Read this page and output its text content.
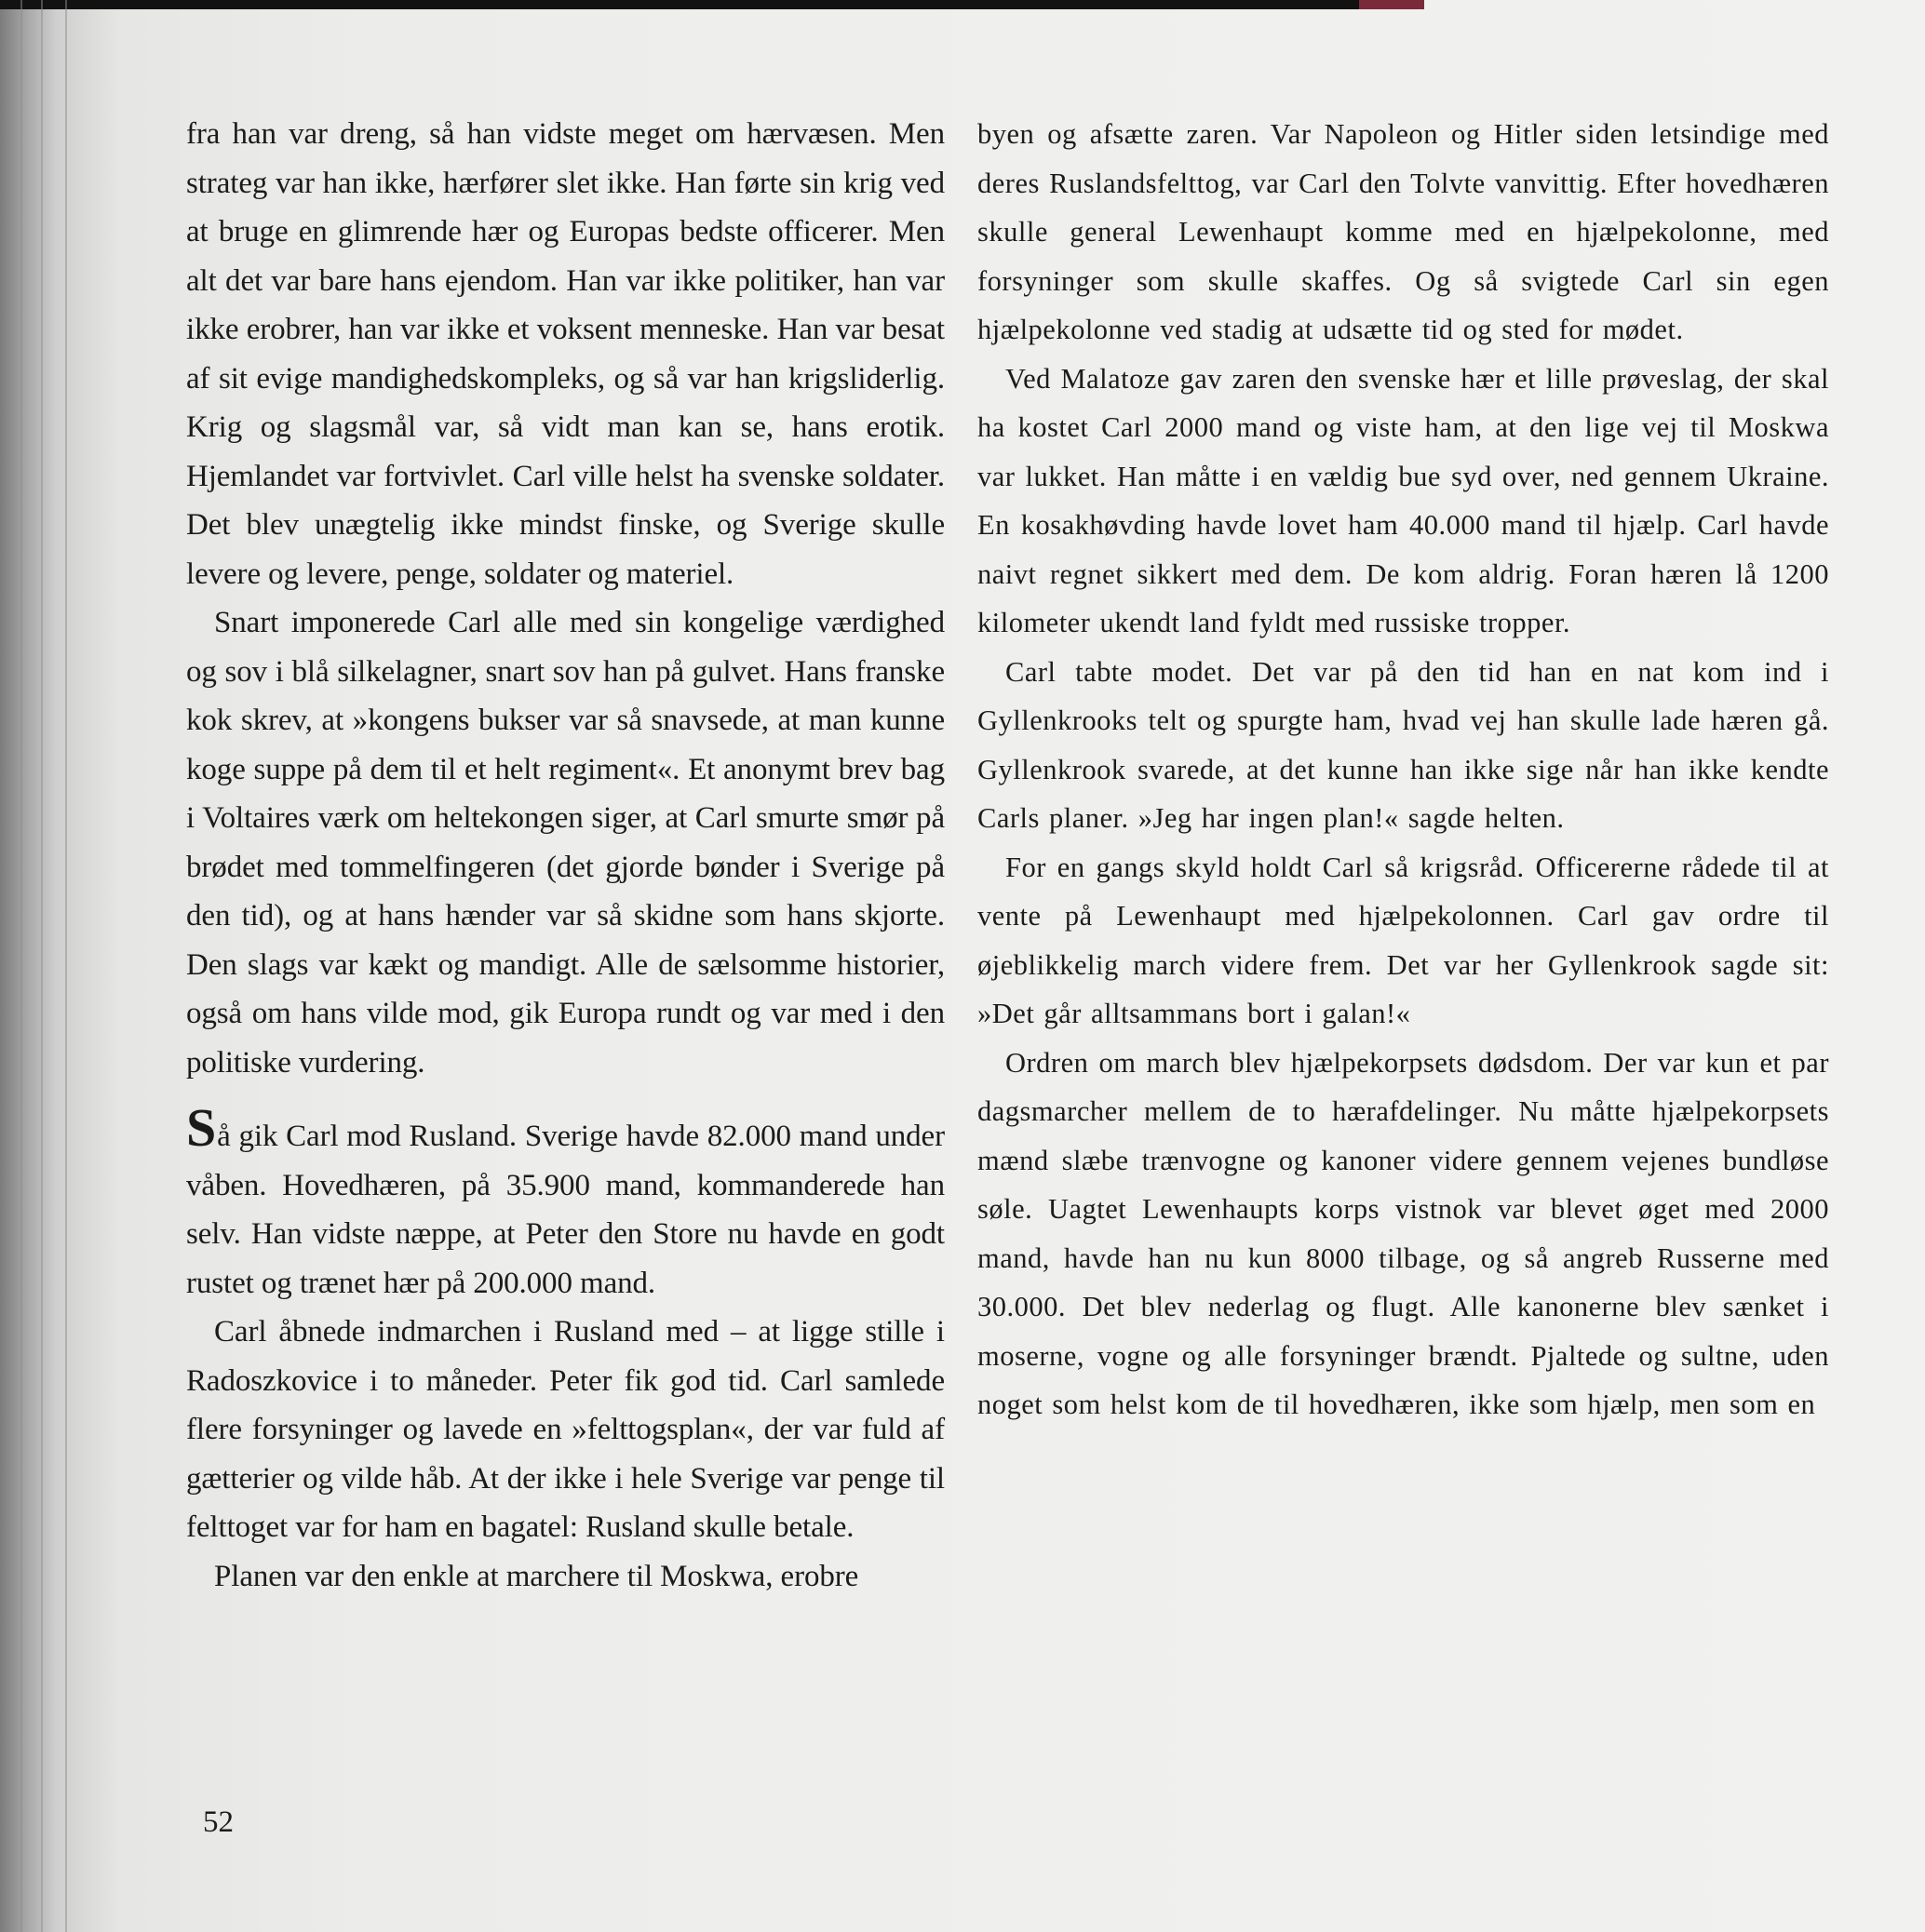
fra han var dreng, så han vidste meget om hærvæsen. Men strateg var han ikke, hærfører slet ikke. Han førte sin krig ved at bruge en glimrende hær og Europas bedste officerer. Men alt det var bare hans ejendom. Han var ikke politiker, han var ikke erobrer, han var ikke et voksent menneske. Han var besat af sit evige mandighedskompleks, og så var han krigsliderlig. Krig og slagsmål var, så vidt man kan se, hans erotik. Hjemlandet var fortvivlet. Carl ville helst ha svenske soldater. Det blev unægtelig ikke mindst finske, og Sverige skulle levere og levere, penge, soldater og materiel.

Snart imponerede Carl alle med sin kongelige værdighed og sov i blå silkelagner, snart sov han på gulvet. Hans franske kok skrev, at »kongens bukser var så snavsede, at man kunne koge suppe på dem til et helt regiment«. Et anonymt brev bag i Voltaires værk om heltekongen siger, at Carl smurte smør på brødet med tommelfingeren (det gjorde bønder i Sverige på den tid), og at hans hænder var så skidne som hans skjorte. Den slags var kækt og mandigt. Alle de sælsomme historier, også om hans vilde mod, gik Europa rundt og var med i den politiske vurdering.

Så gik Carl mod Rusland. Sverige havde 82.000 mand under våben. Hovedhæren, på 35.900 mand, kommanderede han selv. Han vidste næppe, at Peter den Store nu havde en godt rustet og trænet hær på 200.000 mand.

Carl åbnede indmarchen i Rusland med – at ligge stille i Radoszkovice i to måneder. Peter fik god tid. Carl samlede flere forsyninger og lavede en »felttogsplan«, der var fuld af gætterier og vilde håb. At der ikke i hele Sverige var penge til felttoget var for ham en bagatel: Rusland skulle betale.

Planen var den enkle at marchere til Moskwa, erobre

byen og afsætte zaren. Var Napoleon og Hitler siden letsindige med deres Ruslandsfelttog, var Carl den Tolvte vanvittig. Efter hovedhæren skulle general Lewenhaupt komme med en hjælpekolonne, med forsyninger som skulle skaffes. Og så svigtede Carl sin egen hjælpekolonne ved stadig at udsætte tid og sted for mødet.

Ved Malatoze gav zaren den svenske hær et lille prøveslag, der skal ha kostet Carl 2000 mand og viste ham, at den lige vej til Moskwa var lukket. Han måtte i en vældig bue syd over, ned gennem Ukraine. En kosakhøvding havde lovet ham 40.000 mand til hjælp. Carl havde naivt regnet sikkert med dem. De kom aldrig. Foran hæren lå 1200 kilometer ukendt land fyldt med russiske tropper.

Carl tabte modet. Det var på den tid han en nat kom ind i Gyllenkrooks telt og spurgte ham, hvad vej han skulle lade hæren gå. Gyllenkrook svarede, at det kunne han ikke sige når han ikke kendte Carls planer. »Jeg har ingen plan!« sagde helten.

For en gangs skyld holdt Carl så krigsråd. Officererne rådede til at vente på Lewenhaupt med hjælpekolonnen. Carl gav ordre til øjeblikkelig march videre frem. Det var her Gyllenkrook sagde sit: »Det går alltsammans bort i galan!«

Ordren om march blev hjælpekorpsets dødsdom. Der var kun et par dagsmarcher mellem de to hærafdelinger. Nu måtte hjælpekorpsets mænd slæbe trænvogne og kanoner videre gennem vejenes bundløse søle. Uagtet Lewenhaupts korps vistnok var blevet øget med 2000 mand, havde han nu kun 8000 tilbage, og så angreb Russerne med 30.000. Det blev nederlag og flugt. Alle kanonerne blev sænket i moserne, vogne og alle forsyninger brændt. Pjaltede og sultne, uden noget som helst kom de til hovedhæren, ikke som hjælp, men som en

52
